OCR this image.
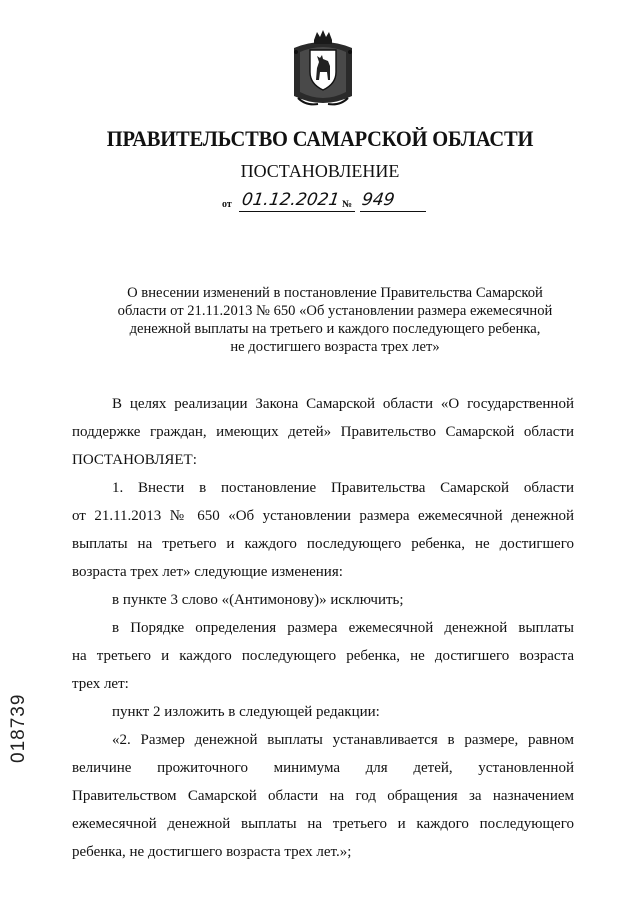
ПРАВИТЕЛЬСТВО САМАРСКОЙ ОБЛАСТИ
ПОСТАНОВЛЕНИЕ
от 01.12.2021 № 949
О внесении изменений в постановление Правительства Самарской
области от 21.11.2013 № 650 «Об установлении размера ежемесячной
денежной выплаты на третьего и каждого последующего ребенка,
не достигшего возраста трех лет»
В целях реализации Закона Самарской области «О государственной
поддержке граждан, имеющих детей» Правительство Самарской области
ПОСТАНОВЛЯЕТ:
1. Внести в постановление Правительства Самарской области
от 21.11.2013 № 650 «Об установлении размера ежемесячной денежной
выплаты на третьего и каждого последующего ребенка, не достигшего
возраста трех лет» следующие изменения:
в пункте 3 слово «(Антимонову)» исключить;
в Порядке определения размера ежемесячной денежной выплаты
на третьего и каждого последующего ребенка, не достигшего возраста
трех лет:
пункт 2 изложить в следующей редакции:
«2. Размер денежной выплаты устанавливается в размере, равном
величине прожиточного минимума для детей, установленной
Правительством Самарской области на год обращения за назначением
ежемесячной денежной выплаты на третьего и каждого последующего
ребенка, не достигшего возраста трех лет.»;
018739
